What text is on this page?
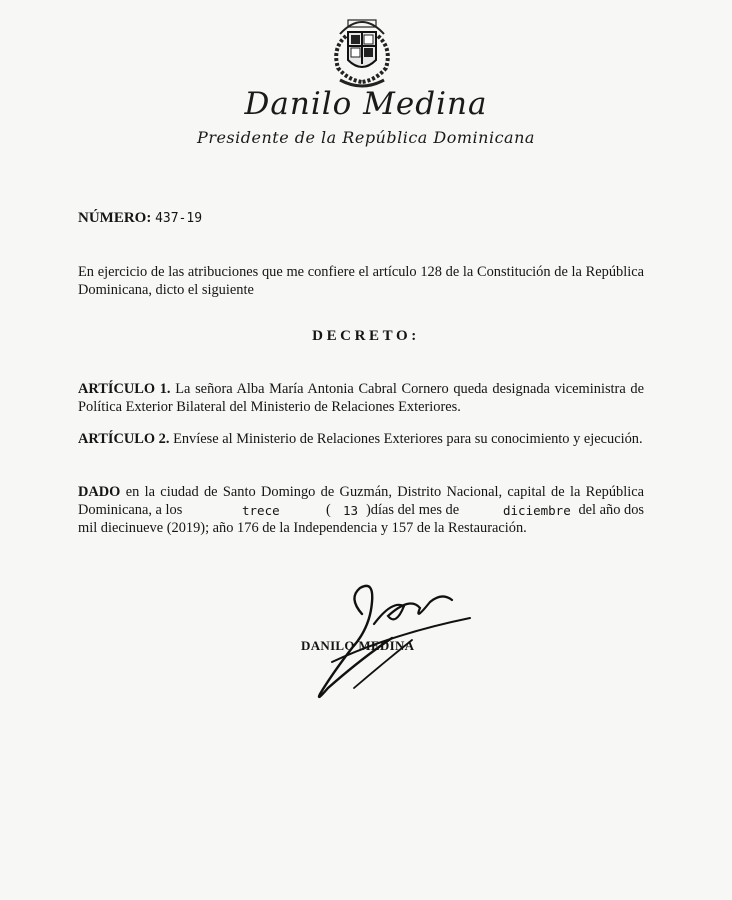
Danilo Medina
Presidente de la República Dominicana
NÚMERO: 437-19
En ejercicio de las atribuciones que me confiere el artículo 128 de la Constitución de la República
Dominicana, dicto el siguiente
DECRETO:
ARTÍCULO 1. La señora Alba María Antonia Cabral Cornero queda designada viceministra de
Política Exterior Bilateral del Ministerio de Relaciones Exteriores.
ARTÍCULO 2. Envíese al Ministerio de Relaciones Exteriores para su conocimiento y ejecución.
DADO en la ciudad de Santo Domingo de Guzmán, Distrito Nacional, capital de la República
Dominicana, a los	trece	( 13 )días del mes de	diciembre del año dos
mil diecinueve (2019); año 176 de la Independencia y 157 de la Restauración.
DANILO MEDINA
